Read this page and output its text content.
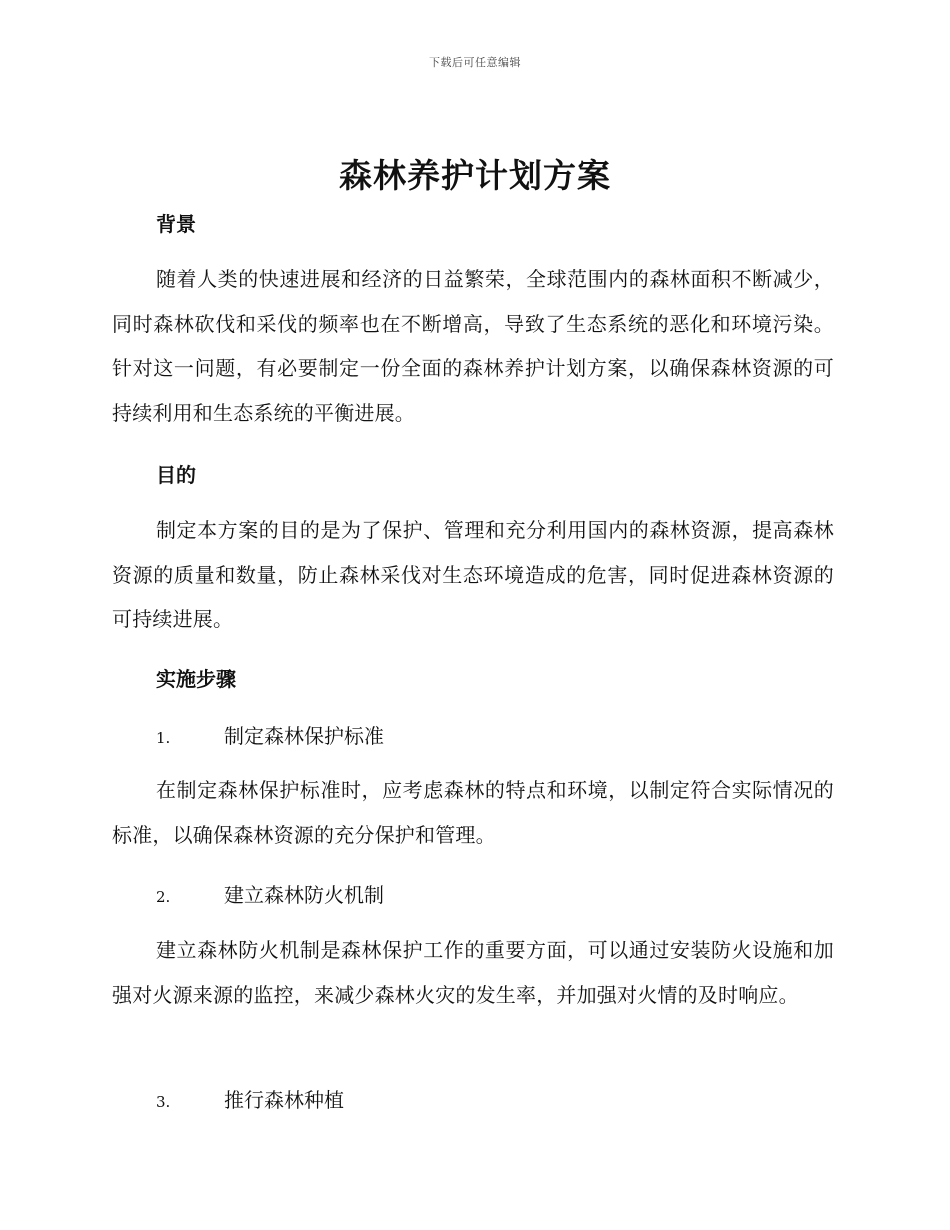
下载后可任意编辑
森林养护计划方案
背景

随着人类的快速进展和经济的日益繁荣，全球范围内的森林面积不断减少，同时森林砍伐和采伐的频率也在不断增高，导致了生态系统的恶化和环境污染。针对这一问题，有必要制定一份全面的森林养护计划方案，以确保森林资源的可持续利用和生态系统的平衡进展。

目的

制定本方案的目的是为了保护、管理和充分利用国内的森林资源，提高森林资源的质量和数量，防止森林采伐对生态环境造成的危害，同时促进森林资源的可持续进展。

实施步骤
1.	制定森林保护标准

在制定森林保护标准时，应考虑森林的特点和环境，以制定符合实际情况的标准，以确保森林资源的充分保护和管理。

2.	建立森林防火机制

建立森林防火机制是森林保护工作的重要方面，可以通过安装防火设施和加强对火源来源的监控，来减少森林火灾的发生率，并加强对火情的及时响应。

3.	推行森林种植
